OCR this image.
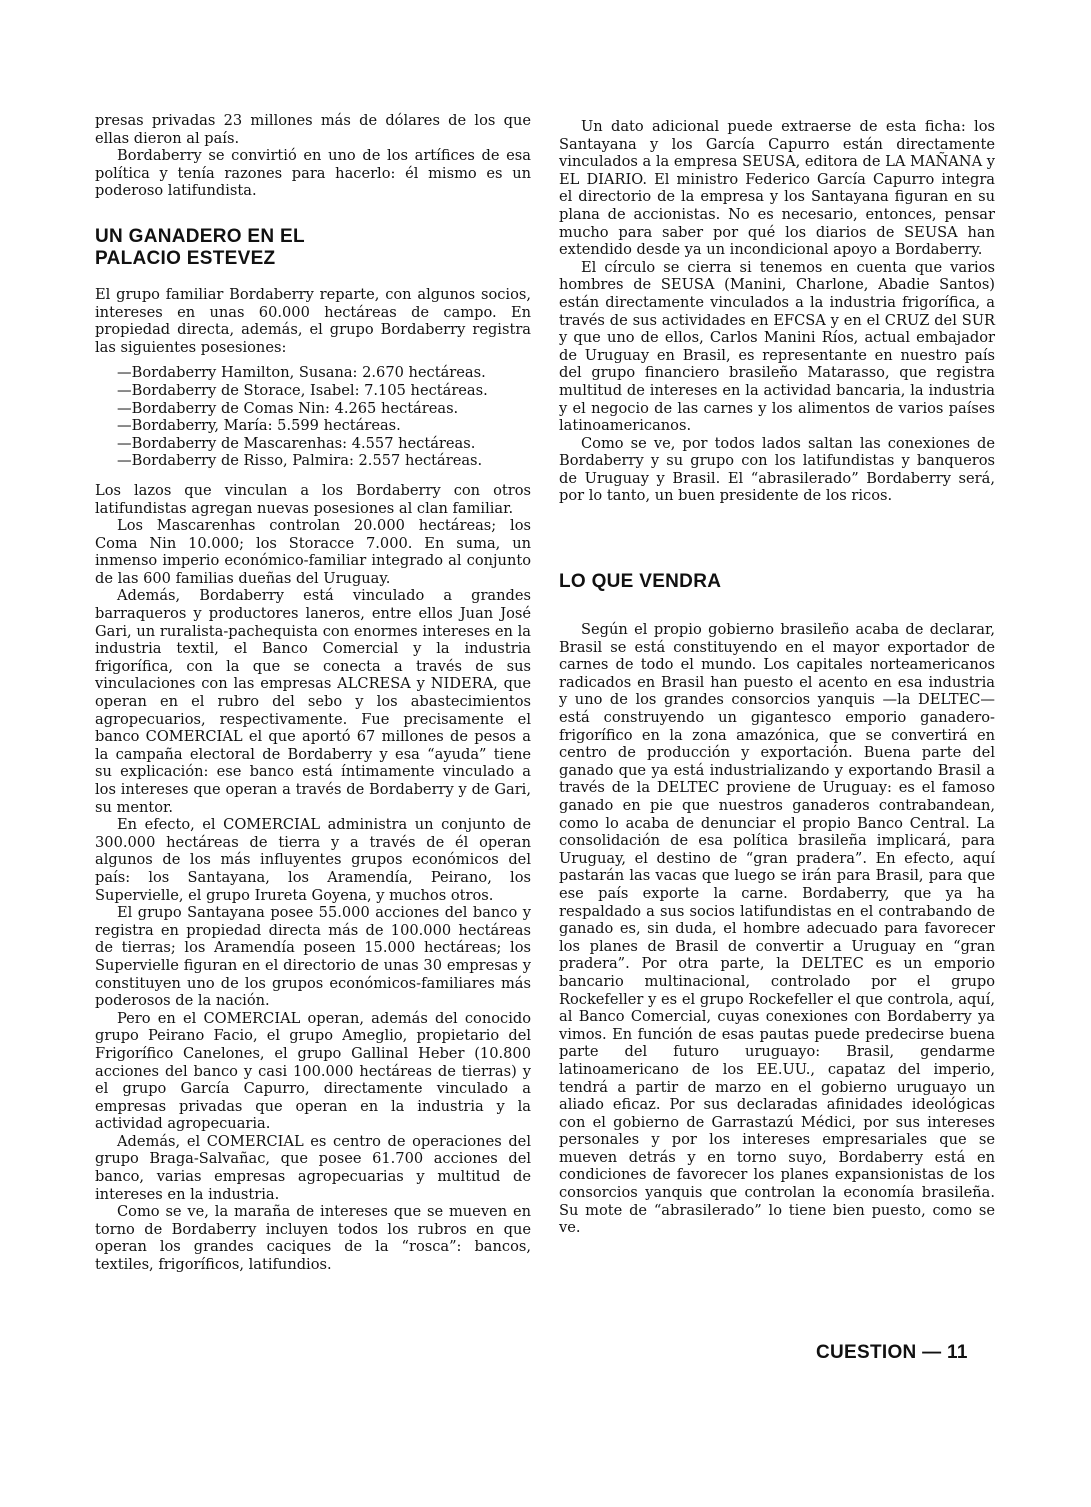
presas privadas 23 millones más de dólares de los que ellas dieron al país.

Bordaberry se convirtió en uno de los artífices de esa política y tenía razones para hacerlo: él mismo es un poderoso latifundista.

UN GANADERO EN EL
PALACIO ESTEVEZ

El grupo familiar Bordaberry reparte, con algunos socios, intereses en unas 60.000 hectáreas de campo. En propiedad directa, además, el grupo Bordaberry registra las siguientes posesiones:

—Bordaberry Hamilton, Susana: 2.670 hectáreas.
—Bordaberry de Storace, Isabel: 7.105 hectáreas.
—Bordaberry de Comas Nin: 4.265 hectáreas.
—Bordaberry, María: 5.599 hectáreas.
—Bordaberry de Mascarenhas: 4.557 hectáreas.
—Bordaberry de Risso, Palmira: 2.557 hectáreas.

Los lazos que vinculan a los Bordaberry con otros latifundistas agregan nuevas posesiones al clan familiar.

Los Mascarenhas controlan 20.000 hectáreas; los Coma Nin 10.000; los Storacce 7.000. En suma, un inmenso imperio económico-familiar integrado al conjunto de las 600 familias dueñas del Uruguay.

Además, Bordaberry está vinculado a grandes barraqueros y productores laneros, entre ellos Juan José Gari, un ruralista-pachequista con enormes intereses en la industria textil, el Banco Comercial y la industria frigorífica, con la que se conecta a través de sus vinculaciones con las empresas ALCRESA y NIDERA, que operan en el rubro del sebo y los abastecimientos agropecuarios, respectivamente. Fue precisamente el banco COMERCIAL el que aportó 67 millones de pesos a la campaña electoral de Bordaberry y esa “ayuda” tiene su explicación: ese banco está íntimamente vinculado a los intereses que operan a través de Bordaberry y de Gari, su mentor.

En efecto, el COMERCIAL administra un conjunto de 300.000 hectáreas de tierra y a través de él operan algunos de los más influyentes grupos económicos del país: los Santayana, los Aramendía, Peirano, los Supervielle, el grupo Irureta Goyena, y muchos otros.

El grupo Santayana posee 55.000 acciones del banco y registra en propiedad directa más de 100.000 hectáreas de tierras; los Aramendía poseen 15.000 hectáreas; los Supervielle figuran en el directorio de unas 30 empresas y constituyen uno de los grupos económicos-familiares más poderosos de la nación.

Pero en el COMERCIAL operan, además del conocido grupo Peirano Facio, el grupo Ameglio, propietario del Frigorífico Canelones, el grupo Gallinal Heber (10.800 acciones del banco y casi 100.000 hectáreas de tierras) y el grupo García Capurro, directamente vinculado a empresas privadas que operan en la industria y la actividad agropecuaria.

Además, el COMERCIAL es centro de operaciones del grupo Braga-Salvañac, que posee 61.700 acciones del banco, varias empresas agropecuarias y multitud de intereses en la industria.

Como se ve, la maraña de intereses que se mueven en torno de Bordaberry incluyen todos los rubros en que operan los grandes caciques de la “rosca”: bancos, textiles, frigoríficos, latifundios.

Un dato adicional puede extraerse de esta ficha: los Santayana y los García Capurro están directamente vinculados a la empresa SEUSA, editora de LA MAÑANA y EL DIARIO. El ministro Federico García Capurro integra el directorio de la empresa y los Santayana figuran en su plana de accionistas. No es necesario, entonces, pensar mucho para saber por qué los diarios de SEUSA han extendido desde ya un incondicional apoyo a Bordaberry.

El círculo se cierra si tenemos en cuenta que varios hombres de SEUSA (Manini, Charlone, Abadie Santos) están directamente vinculados a la industria frigorífica, a través de sus actividades en EFCSA y en el CRUZ del SUR y que uno de ellos, Carlos Manini Ríos, actual embajador de Uruguay en Brasil, es representante en nuestro país del grupo financiero brasileño Matarasso, que registra multitud de intereses en la actividad bancaria, la industria y el negocio de las carnes y los alimentos de varios países latinoamericanos.

Como se ve, por todos lados saltan las conexiones de Bordaberry y su grupo con los latifundistas y banqueros de Uruguay y Brasil. El “abrasilerado” Bordaberry será, por lo tanto, un buen presidente de los ricos.

LO QUE VENDRA

Según el propio gobierno brasileño acaba de declarar, Brasil se está constituyendo en el mayor exportador de carnes de todo el mundo. Los capitales norteamericanos radicados en Brasil han puesto el acento en esa industria y uno de los grandes consorcios yanquis —la DELTEC— está construyendo un gigantesco emporio ganadero-frigorífico en la zona amazónica, que se convertirá en centro de producción y exportación. Buena parte del ganado que ya está industrializando y exportando Brasil a través de la DELTEC proviene de Uruguay: es el famoso ganado en pie que nuestros ganaderos contrabandean, como lo acaba de denunciar el propio Banco Central. La consolidación de esa política brasileña implicará, para Uruguay, el destino de “gran pradera”. En efecto, aquí pastarán las vacas que luego se irán para Brasil, para que ese país exporte la carne. Bordaberry, que ya ha respaldado a sus socios latifundistas en el contrabando de ganado es, sin duda, el hombre adecuado para favorecer los planes de Brasil de convertir a Uruguay en “gran pradera”. Por otra parte, la DELTEC es un emporio bancario multinacional, controlado por el grupo Rockefeller y es el grupo Rockefeller el que controla, aquí, al Banco Comercial, cuyas conexiones con Bordaberry ya vimos. En función de esas pautas puede predecirse buena parte del futuro uruguayo: Brasil, gendarme latinoamericano de los EE.UU., capataz del imperio, tendrá a partir de marzo en el gobierno uruguayo un aliado eficaz. Por sus declaradas afinidades ideológicas con el gobierno de Garrastazú Médici, por sus intereses personales y por los intereses empresariales que se mueven detrás y en torno suyo, Bordaberry está en condiciones de favorecer los planes expansionistas de los consorcios yanquis que controlan la economía brasileña. Su mote de “abrasilerado” lo tiene bien puesto, como se ve.

CUESTION — 11
